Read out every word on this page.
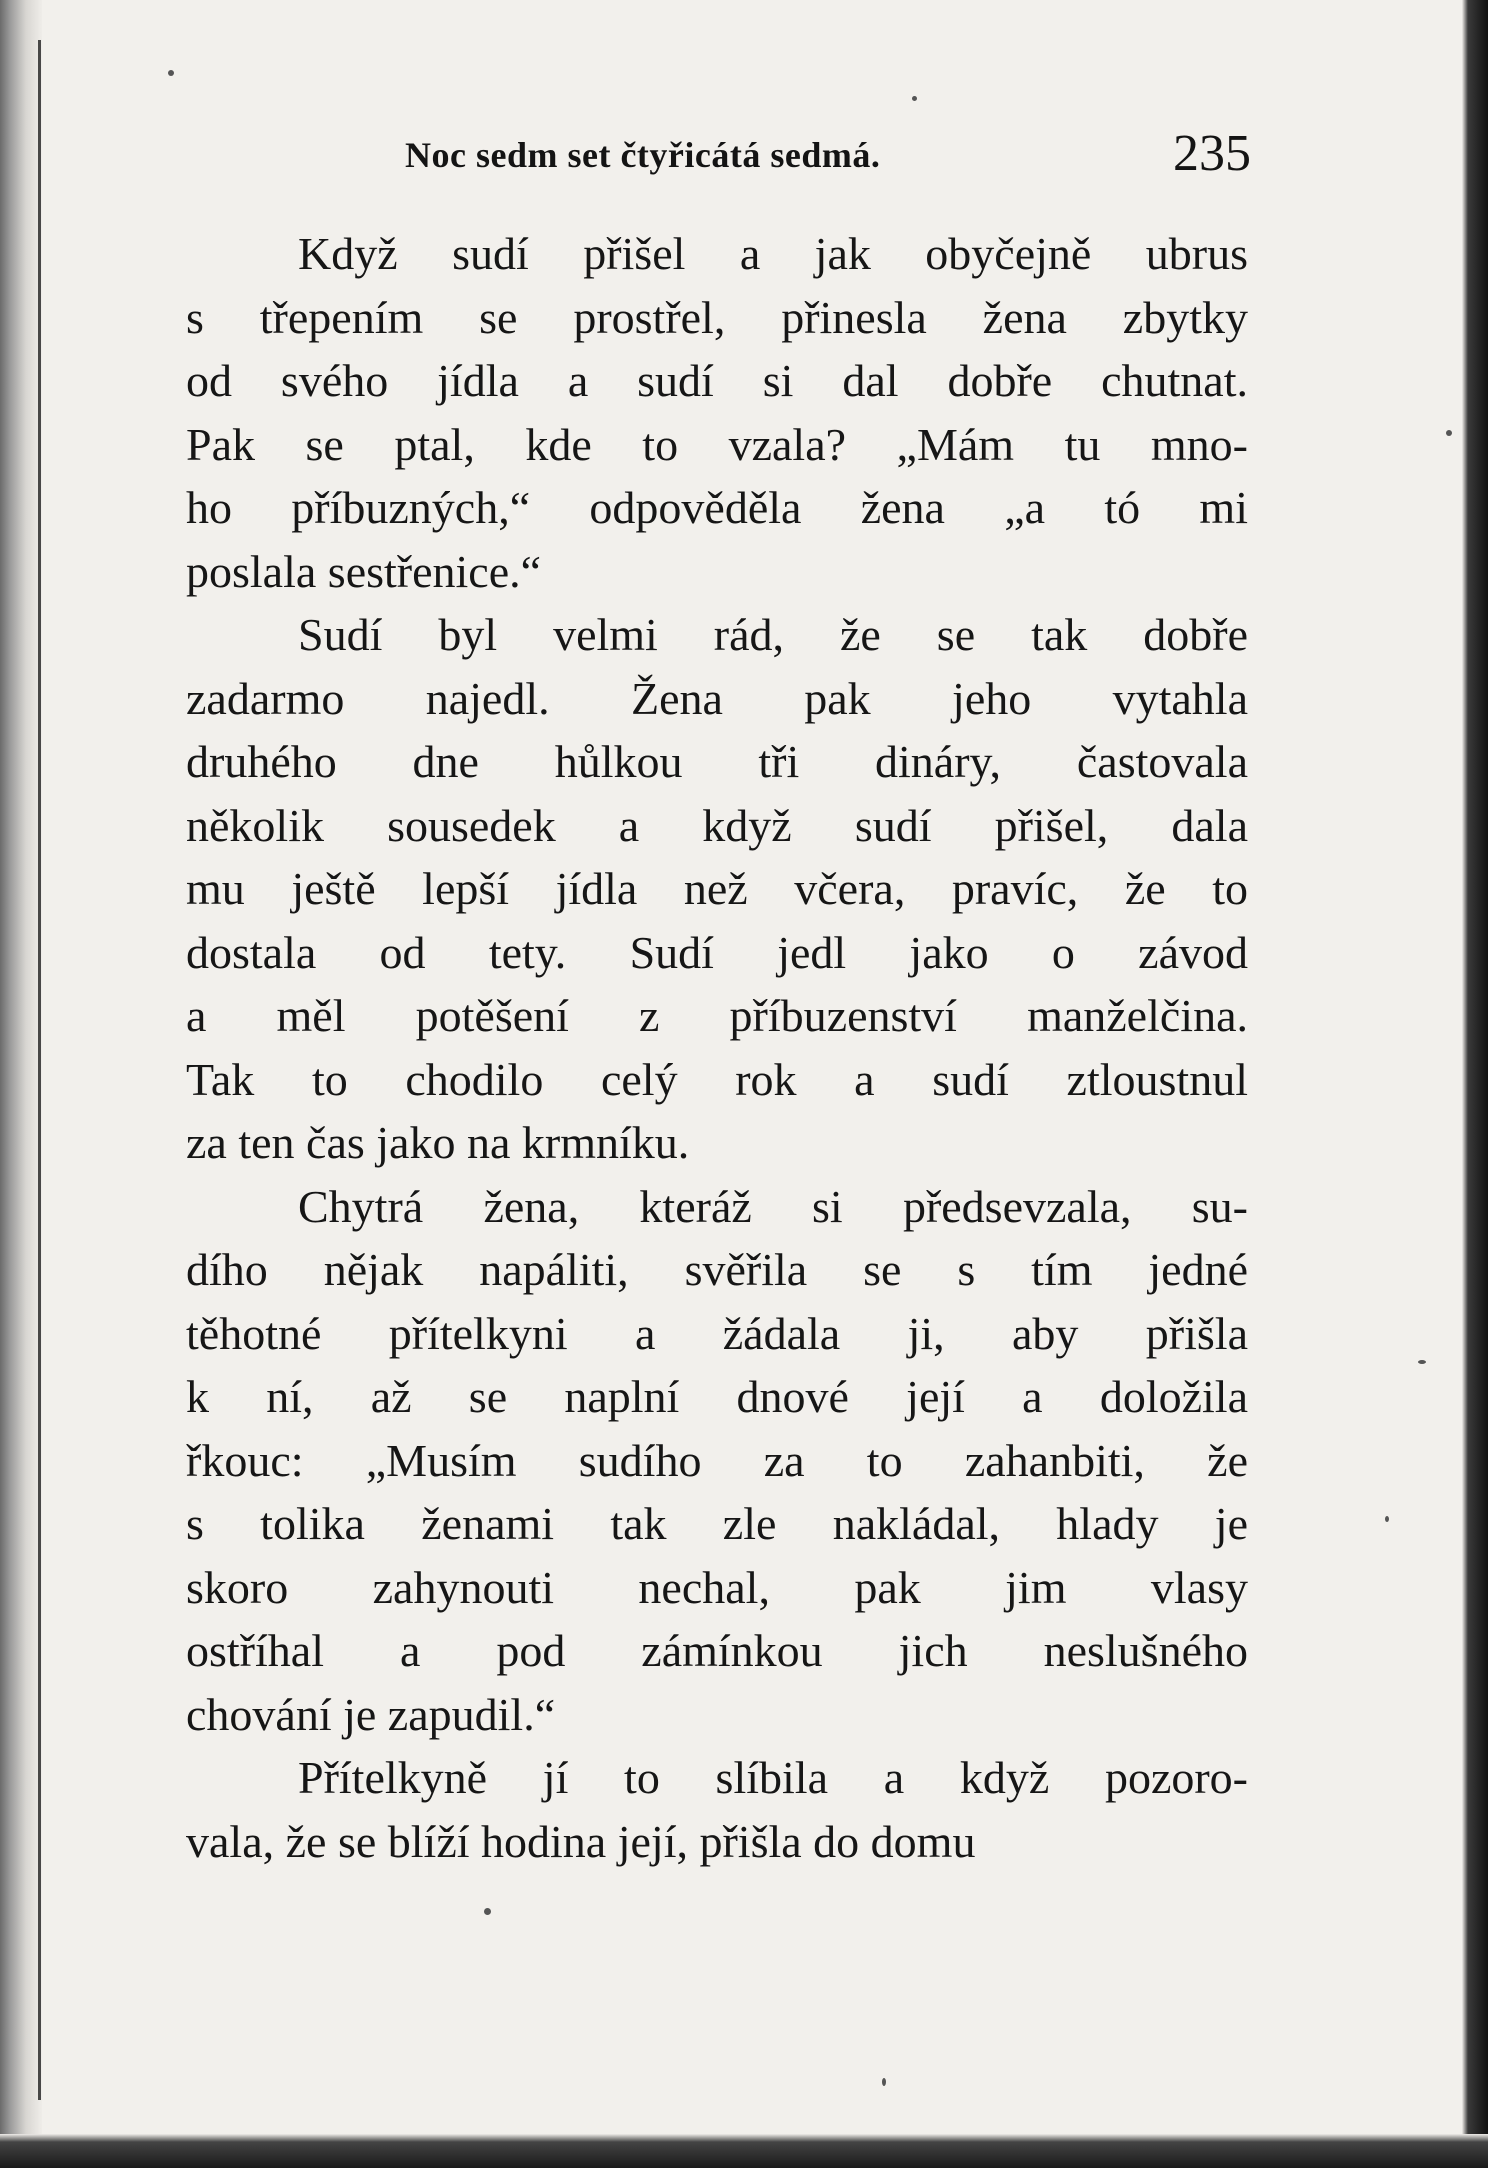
Noc sedm set čtyřicátá sedmá.	235
Když sudí přišel a jak obyčejně ubrus
s třepením se prostřel, přinesla žena zbytky
od svého jídla a sudí si dal dobře chutnat.
Pak se ptal, kde to vzala? „Mám tu mno-
ho příbuzných,“ odpověděla žena „a tó mi
poslala sestřenice.“
Sudí byl velmi rád, že se tak dobře
zadarmo najedl. Žena pak jeho vytahla
druhého dne hůlkou tři dináry, častovala
několik sousedek a když sudí přišel, dala
mu ještě lepší jídla než včera, pravíc, že to
dostala od tety. Sudí jedl jako o závod
a měl potěšení z příbuzenství manželčina.
Tak to chodilo celý rok a sudí ztloustnul
za ten čas jako na krmníku.
Chytrá žena, kteráž si předsevzala, su-
dího nějak napáliti, svěřila se s tím jedné
těhotné přítelkyni a žádala ji, aby přišla
k ní, až se naplní dnové její a doložila
řkouc: „Musím sudího za to zahanbiti, že
s tolika ženami tak zle nakládal, hlady je
skoro zahynouti nechal, pak jim vlasy
ostříhal a pod zámínkou jich neslušného
chování je zapudil.“
Přítelkyně jí to slíbila a když pozoro-
vala, že se blíží hodina její, přišla do domu
